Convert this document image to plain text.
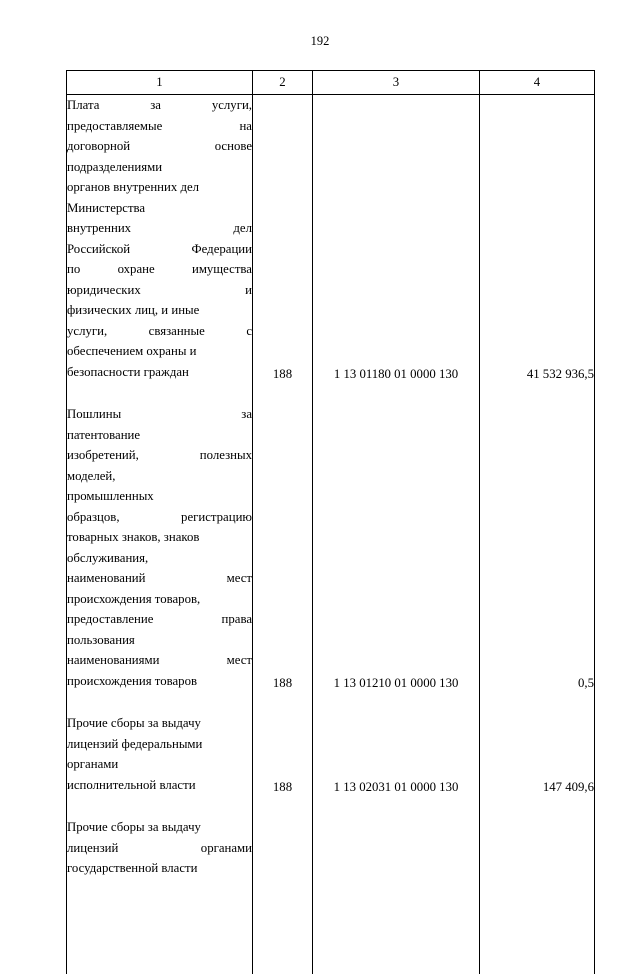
192
1	2	3	4

Плата за услуги,
предоставляемые на
договорной основе
подразделениями
органов внутренних дел
Министерства
внутренних дел
Российской Федерации
по охране имущества
юридических и
физических лиц, и иные
услуги, связанные с
обеспечением охраны и
безопасности граждан	188	1 13 01180 01 0000 130	41 532 936,5

Пошлины за
патентование
изобретений, полезных
моделей,
промышленных
образцов, регистрацию
товарных знаков, знаков
обслуживания,
наименований мест
происхождения товаров,
предоставление права
пользования
наименованиями мест
происхождения товаров	188	1 13 01210 01 0000 130	0,5

Прочие сборы за выдачу
лицензий федеральными
органами
исполнительной власти	188	1 13 02031 01 0000 130	147 409,6

Прочие сборы за выдачу
лицензий органами
государственной власти			
